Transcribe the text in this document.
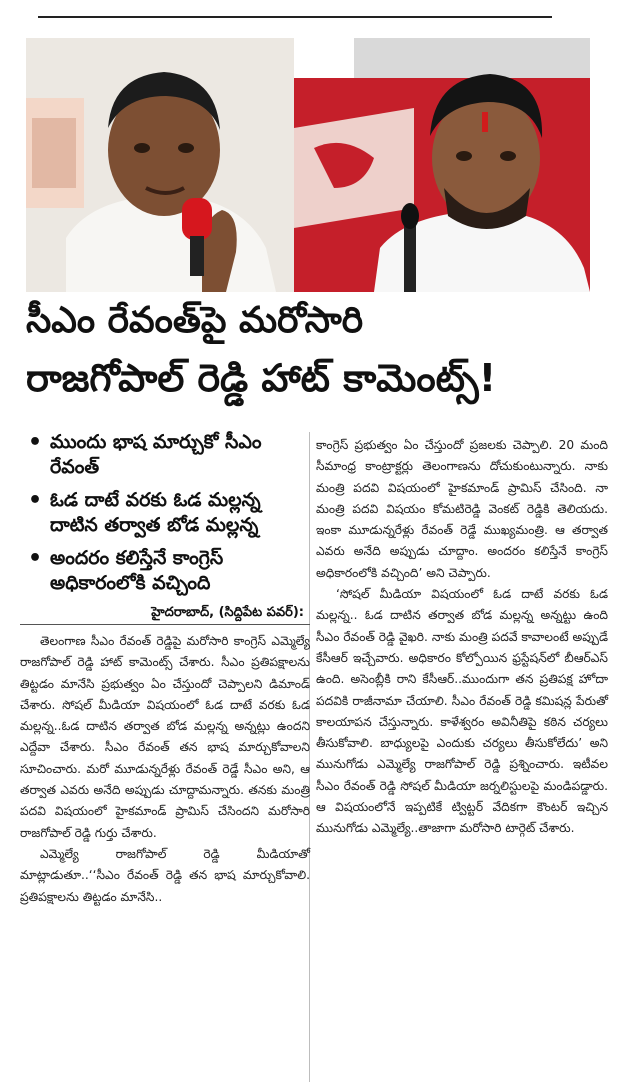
సీఎం రేవంత్‌పై మరోసారి
రాజగోపాల్‌ రెడ్డి హాట్‌ కామెంట్స్‌!
• ముందు భాష మార్చుకో సీఎం రేవంత్‌
• ఓడ దాటే వరకు ఓడ మల్లన్న దాటిన తర్వాత బోడ మల్లన్న
• అందరం కలిస్తేనే కాంగ్రెస్‌ అధికారంలోకి వచ్చింది
హైదరాబాద్‌, (సిద్దిపేట పవర్‌):

తెలంగాణ సీఎం రేవంత్‌ రెడ్డిపై మరోసారి కాంగ్రెస్‌ ఎమ్మెల్యే రాజగోపాల్‌ రెడ్డి హాట్‌ కామెంట్స్‌ చేశారు. సీఎం ప్రతిపక్షాలను తిట్టడం మానేసి ప్రభుత్వం ఏం చేస్తుందో చెప్పాలని డిమాండ్‌ చేశారు. సోషల్‌ మీడియా విషయంలో ఓడ దాటే వరకు ఓడ మల్లన్న..ఓడ దాటిన తర్వాత బోడ మల్లన్న అన్నట్లు ఉందని ఎద్దేవా చేశారు. సీఎం రేవంత్‌ తన భాష మార్చుకోవాలని సూచించారు. మరో మూడున్నరేళ్లు రేవంత్‌ రెడ్డే సీఎం అని, ఆ తర్వాత ఎవరు అనేది అప్పుడు చూద్దామన్నారు. తనకు మంత్రి పదవి విషయంలో హైకమాండ్‌ ప్రామిస్‌ చేసిందని మరోసారి రాజగోపాల్‌ రెడ్డి గుర్తు చేశారు.

ఎమ్మెల్యే రాజగోపాల్‌ రెడ్డి మీడియాతో మాట్లాడుతూ..‘‘సీఎం రేవంత్‌ రెడ్డి తన భాష మార్చుకోవాలి. ప్రతిపక్షాలను తిట్టడం మానేసి..

కాంగ్రెస్‌ ప్రభుత్వం ఏం చేస్తుందో ప్రజలకు చెప్పాలి. 20 మంది సీమాంధ్ర కాంట్రాక్టర్లు తెలంగాణను దోచుకుంటున్నారు. నాకు మంత్రి పదవి విషయంలో హైకమాండ్‌ ప్రామిస్‌ చేసింది. నా మంత్రి పదవి విషయం కోమటిరెడ్డి వెంకట్‌ రెడ్డికి తెలియదు. ఇంకా మూడున్నరేళ్లు రేవంత్‌ రెడ్డే ముఖ్యమంత్రి. ఆ తర్వాత ఎవరు అనేది అప్పుడు చూద్దాం. అందరం కలిస్తేనే కాంగ్రెస్‌ అధికారంలోకి వచ్చింది’ అని చెప్పారు.

‘సోషల్‌ మీడియా విషయంలో ఓడ దాటే వరకు ఓడ మల్లన్న.. ఓడ దాటిన తర్వాత బోడ మల్లన్న అన్నట్టు ఉంది సీఎం రేవంత్‌ రెడ్డి వైఖరి. నాకు మంత్రి పదవే కావాలంటే అప్పుడే కేసీఆర్‌ ఇచ్చేవారు. అధికారం కోల్పోయిన ఫ్రస్టేషన్‌లో బీఆర్‌ఎస్‌ ఉంది. అసెంబ్లీకి రాని కేసీఆర్‌..ముందుగా తన ప్రతిపక్ష హోదా పదవికి రాజీనామా చేయాలి. సీఎం రేవంత్‌ రెడ్డి కమిషన్ల పేరుతో కాలయాపన చేస్తున్నారు. కాళేశ్వరం అవినీతిపై కఠిన చర్యలు తీసుకోవాలి. బాధ్యులపై ఎందుకు చర్యలు తీసుకోలేదు’ అని మునుగోడు ఎమ్మెల్యే రాజగోపాల్‌ రెడ్డి ప్రశ్నించారు. ఇటీవల సీఎం రేవంత్‌ రెడ్డి సోషల్‌ మీడియా జర్నలిస్టులపై మండిపడ్డారు. ఆ విషయంలోనే ఇప్పటికే ట్విట్టర్‌ వేదికగా కౌంటర్‌ ఇచ్చిన మునుగోడు ఎమ్మెల్యే..తాజాగా మరోసారి టార్గెట్‌ చేశారు.
